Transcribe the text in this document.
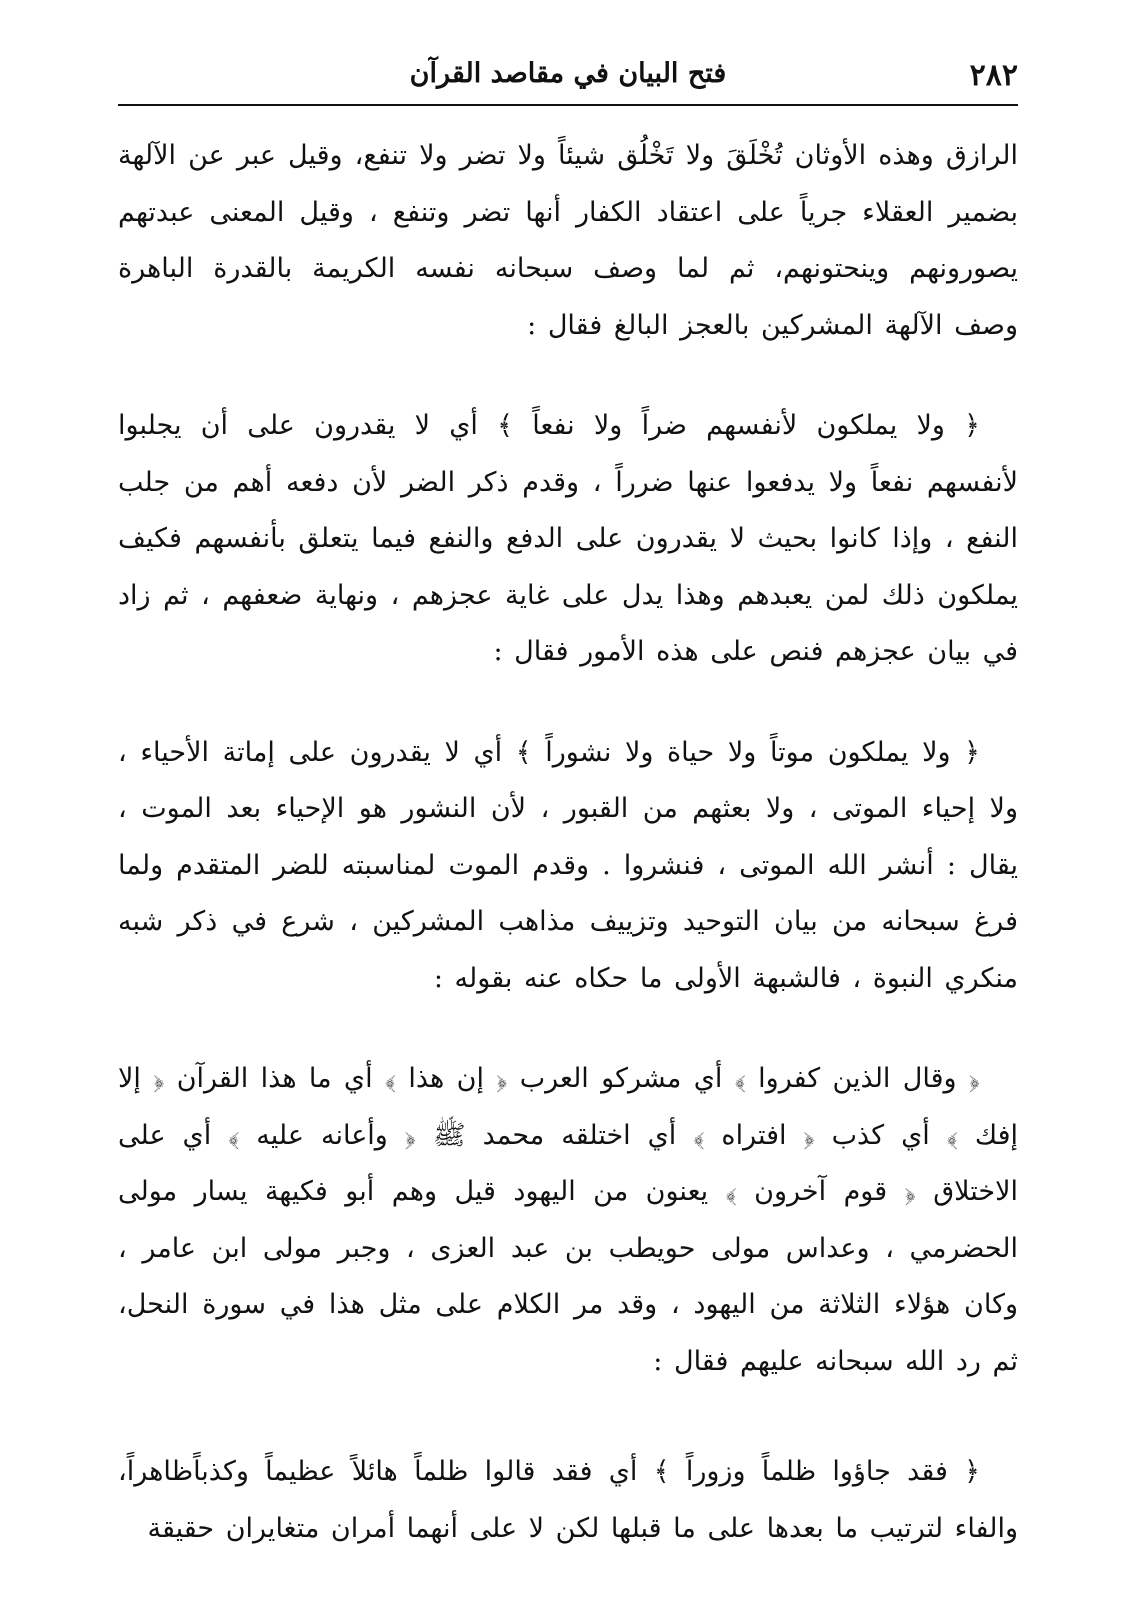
٢٨٢
فتح البيان في مقاصد القرآن

الرازق وهذه الأوثان تُخْلَقَ ولا تَخْلُق شيئاً ولا تضر ولا تنفع، وقيل عبر عن الآلهة بضمير العقلاء جرياً على اعتقاد الكفار أنها تضر وتنفع ، وقيل المعنى عبدتهم يصورونهم وينحتونهم، ثم لما وصف سبحانه نفسه الكريمة بالقدرة الباهرة وصف الآلهة المشركين بالعجز البالغ فقال :

﴿ ولا يملكون لأنفسهم ضراً ولا نفعاً ﴾ أي لا يقدرون على أن يجلبوا لأنفسهم نفعاً ولا يدفعوا عنها ضرراً ، وقدم ذكر الضر لأن دفعه أهم من جلب النفع ، وإذا كانوا بحيث لا يقدرون على الدفع والنفع فيما يتعلق بأنفسهم فكيف يملكون ذلك لمن يعبدهم وهذا يدل على غاية عجزهم ، ونهاية ضعفهم ، ثم زاد في بيان عجزهم فنص على هذه الأمور فقال :

﴿ ولا يملكون موتاً ولا حياة ولا نشوراً ﴾ أي لا يقدرون على إماتة الأحياء ، ولا إحياء الموتى ، ولا بعثهم من القبور ، لأن النشور هو الإحياء بعد الموت ، يقال : أنشر الله الموتى ، فنشروا . وقدم الموت لمناسبته للضر المتقدم ولما فرغ سبحانه من بيان التوحيد وتزييف مذاهب المشركين ، شرع في ذكر شبه منكري النبوة ، فالشبهة الأولى ما حكاه عنه بقوله :

﴿ وقال الذين كفروا ﴾ أي مشركو العرب ﴿ إن هذا ﴾ أي ما هذا القرآن ﴿ إلا إفك ﴾ أي كذب ﴿ افتراه ﴾ أي اختلقه محمد ﷺ ﴿ وأعانه عليه ﴾ أي على الاختلاق ﴿ قوم آخرون ﴾ يعنون من اليهود قيل وهم أبو فكيهة يسار مولى الحضرمي ، وعداس مولى حويطب بن عبد العزى ، وجبر مولى ابن عامر ، وكان هؤلاء الثلاثة من اليهود ، وقد مر الكلام على مثل هذا في سورة النحل، ثم رد الله سبحانه عليهم فقال :

﴿ فقد جاؤوا ظلماً وزوراً ﴾ أي فقد قالوا ظلماً هائلاً عظيماً وكذباًظاهراً، والفاء لترتيب ما بعدها على ما قبلها لكن لا على أنهما أمران متغايران حقيقة
